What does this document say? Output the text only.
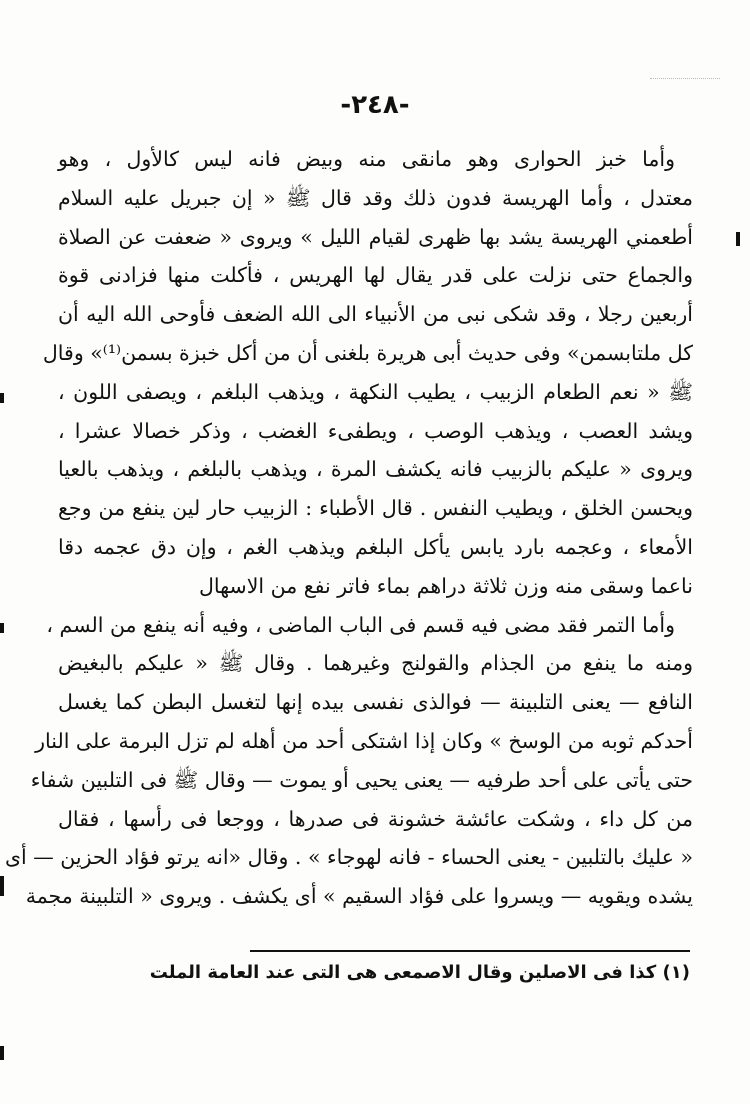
-٢٤٨-
وأما خبز الحوارى وهو مانقى منه وبيض فانه ليس كالأول ، وهو
معتدل ، وأما الهريسة فدون ذلك وقد قال ﷺ « إن جبريل عليه السلام
أطعمني الهريسة يشد بها ظهرى لقيام الليل » ويروى « ضعفت عن الصلاة
والجماع حتى نزلت على قدر يقال لها الهريس ، فأكلت منها فزادنى قوة
أربعين رجلا ، وقد شكى نبى من الأنبياء الى الله الضعف فأوحى الله اليه أن
كل ملتابسمن» وفى حديث أبى هريرة بلغنى أن من أكل خبزة بسمن⁽¹⁾» وقال
ﷺ « نعم الطعام الزبيب ، يطيب النكهة ، ويذهب البلغم ، ويصفى اللون ،
ويشد العصب ، ويذهب الوصب ، ويطفىء الغضب ، وذكر خصالا عشرا ،
ويروى « عليكم بالزبيب فانه يكشف المرة ، ويذهب بالبلغم ، ويذهب بالعيا
ويحسن الخلق ، ويطيب النفس . قال الأطباء : الزبيب حار لين ينفع من وجع
الأمعاء ، وعجمه بارد يابس يأكل البلغم ويذهب الغم ، وإن دق عجمه دقا
ناعما وسقى منه وزن ثلاثة دراهم بماء فاتر نفع من الاسهال
وأما التمر فقد مضى فيه قسم فى الباب الماضى ، وفيه أنه ينفع من السم ،
ومنه ما ينفع من الجذام والقولنج وغيرهما . وقال ﷺ « عليكم بالبغيض
النافع — يعنى التلبينة — فوالذى نفسى بيده إنها لتغسل البطن كما يغسل
أحدكم ثوبه من الوسخ » وكان إذا اشتكى أحد من أهله لم تزل البرمة على النار
حتى يأتى على أحد طرفيه — يعنى يحيى أو يموت — وقال ﷺ فى التلبين شفاء
من كل داء ، وشكت عائشة خشونة فى صدرها ، ووجعا فى رأسها ، فقال
« عليك بالتلبين - يعنى الحساء - فانه لهوجاء » . وقال «انه يرتو فؤاد الحزين — أى
يشده ويقويه — ويسروا على فؤاد السقيم » أى يكشف . ويروى « التلبينة مجمة
(١) كذا فى الاصلين وقال الاصمعى هى التى عند العامة الملت
